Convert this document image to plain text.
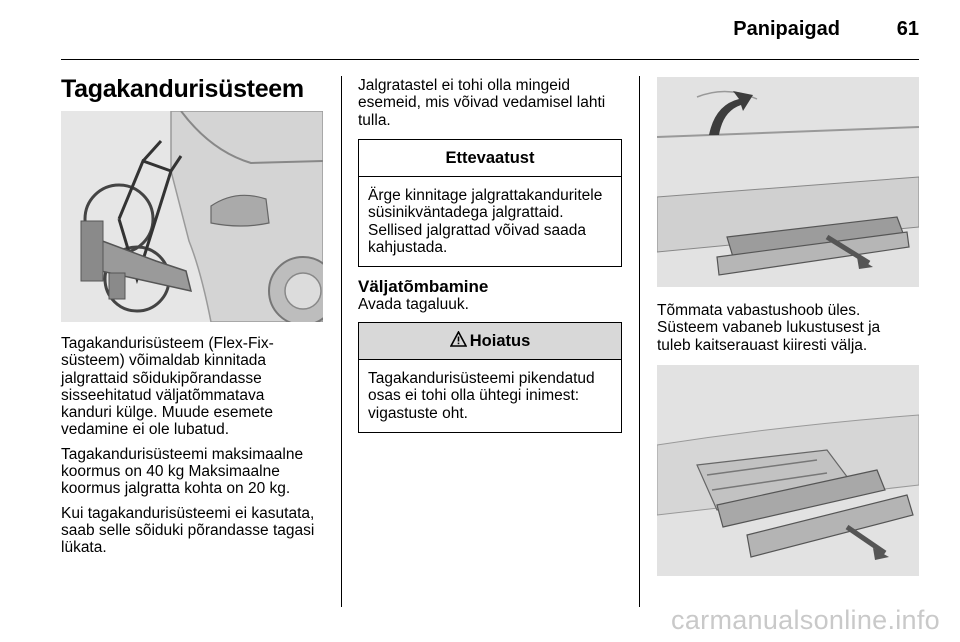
Panipaigad	61
Tagakandurisüsteem

Tagakandurisüsteem (Flex-Fix-
süsteem) võimaldab kinnitada
jalgrattaid sõidukipõrandasse
sisseehitatud väljatõmmatava
kanduri külge. Muude esemete
vedamine ei ole lubatud.

Tagakandurisüsteemi maksimaalne
koormus on 40 kg Maksimaalne
koormus jalgratta kohta on 20 kg.

Kui tagakandurisüsteemi ei kasutata,
saab selle sõiduki põrandasse tagasi
lükata.

Jalgratastel ei tohi olla mingeid
esemeid, mis võivad vedamisel lahti
tulla.

Ettevaatust
Ärge kinnitage jalgrattakanduritele
süsinikväntadega jalgrattaid.
Sellised jalgrattad võivad saada
kahjustada.
Väljatõmbamine

Avada tagaluuk.

Hoiatus
Tagakandurisüsteemi pikendatud
osas ei tohi olla ühtegi inimest:
vigastuste oht.

Tõmmata vabastushoob üles.
Süsteem vabaneb lukustusest ja
tuleb kaitserauast kiiresti välja.

carmanualsonline.info
